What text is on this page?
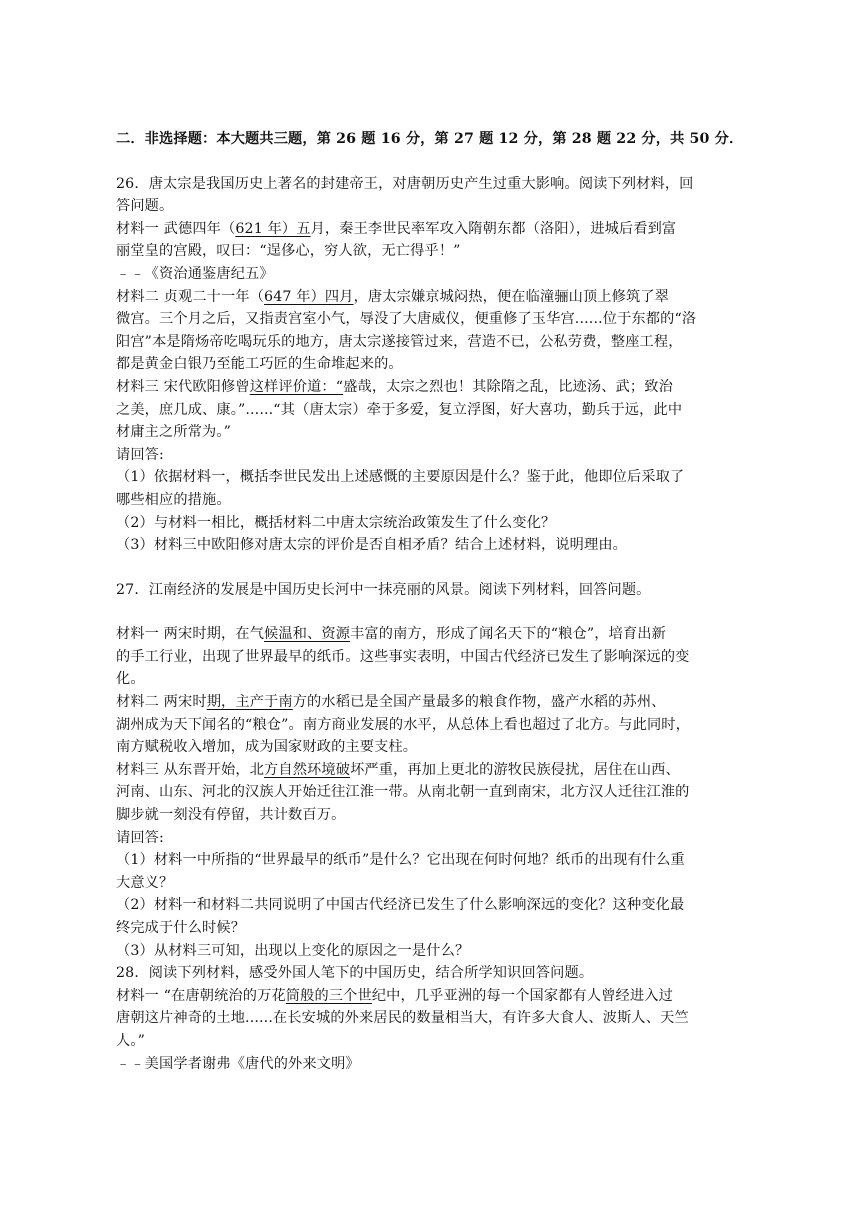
二．非选择题：本大题共三题，第 26 题 16 分，第 27 题 12 分，第 28 题 22 分，共 50 分．
26．唐太宗是我国历史上著名的封建帝王，对唐朝历史产生过重大影响。阅读下列材料，回
答问题。
材料一 武德四年（621 年）五月，秦王李世民率军攻入隋朝东都（洛阳），进城后看到富
丽堂皇的宫殿，叹曰：“逞侈心，穷人欲，无亡得乎！”
﹣﹣《资治通鉴唐纪五》
材料二 贞观二十一年（647 年）四月，唐太宗嫌京城闷热，便在临潼骊山顶上修筑了翠
微宫。三个月之后，又指责宫室小气，辱没了大唐威仪，便重修了玉华宫......位于东都的“洛
阳宫”本是隋炀帝吃喝玩乐的地方，唐太宗遂接管过来，营造不已，公私劳费，整座工程，
都是黄金白银乃至能工巧匠的生命堆起来的。
材料三 宋代欧阳修曾这样评价道：“盛哉，太宗之烈也！其除隋之乱，比迹汤、武；致治
之美，庶几成、康。”......“其（唐太宗）牵于多爱，复立浮图，好大喜功，勤兵于远，此中
材庸主之所常为。”
请回答:
（1）依据材料一，概括李世民发出上述感慨的主要原因是什么？鉴于此，他即位后采取了
哪些相应的措施。
（2）与材料一相比，概括材料二中唐太宗统治政策发生了什么变化？
（3）材料三中欧阳修对唐太宗的评价是否自相矛盾？结合上述材料，说明理由。
27．江南经济的发展是中国历史长河中一抹亮丽的风景。阅读下列材料，回答问题。
材料一 两宋时期，在气候温和、资源丰富的南方，形成了闻名天下的“粮仓”，培育出新
的手工行业，出现了世界最早的纸币。这些事实表明，中国古代经济已发生了影响深远的变
化。
材料二 两宋时期，主产于南方的水稻已是全国产量最多的粮食作物，盛产水稻的苏州、
湖州成为天下闻名的“粮仓”。南方商业发展的水平，从总体上看也超过了北方。与此同时，
南方赋税收入增加，成为国家财政的主要支柱。
材料三 从东晋开始，北方自然环境破坏严重，再加上更北的游牧民族侵扰，居住在山西、
河南、山东、河北的汉族人开始迁往江淮一带。从南北朝一直到南宋，北方汉人迁往江淮的
脚步就一刻没有停留，共计数百万。
请回答:
（1）材料一中所指的“世界最早的纸币”是什么？它出现在何时何地？纸币的出现有什么重
大意义？
（2）材料一和材料二共同说明了中国古代经济已发生了什么影响深远的变化？这种变化最
终完成于什么时候？
（3）从材料三可知，出现以上变化的原因之一是什么？
28．阅读下列材料，感受外国人笔下的中国历史，结合所学知识回答问题。
材料一 “在唐朝统治的万花筒般的三个世纪中，几乎亚洲的每一个国家都有人曾经进入过
唐朝这片神奇的土地......在长安城的外来居民的数量相当大，有许多大食人、波斯人、天竺
人。”
﹣﹣美国学者谢弗《唐代的外来文明》
